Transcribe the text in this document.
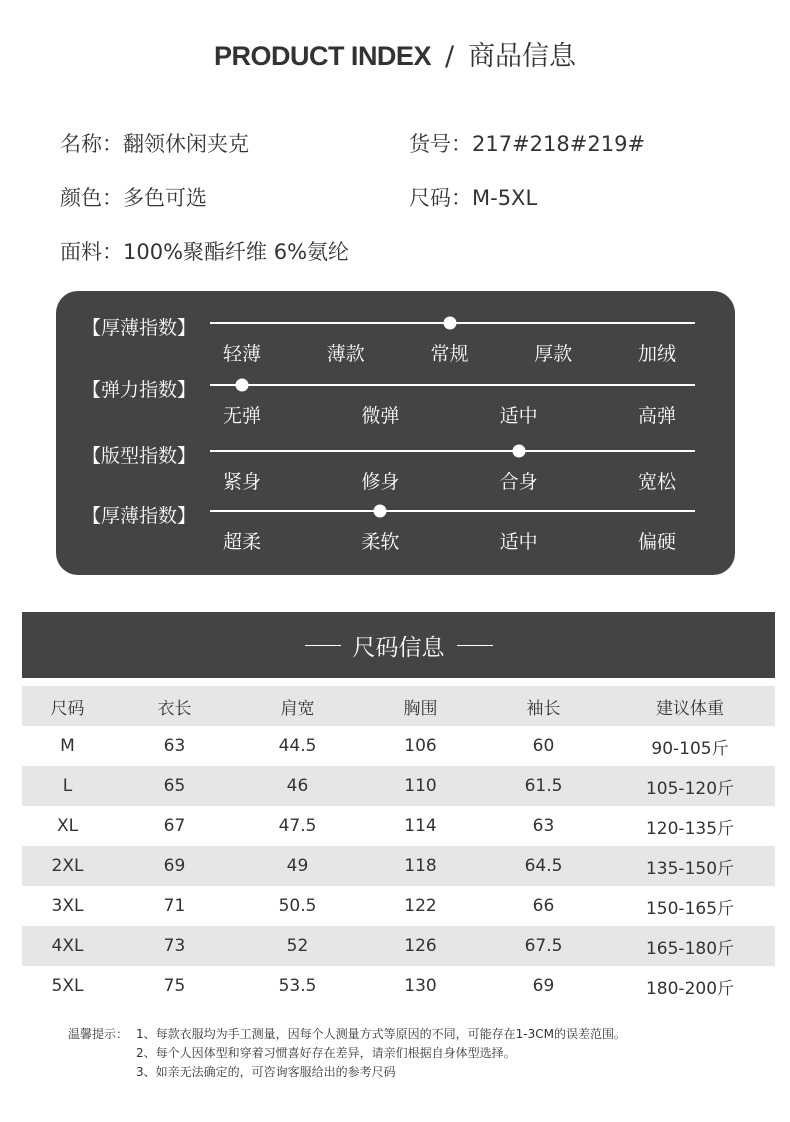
PRODUCT INDEX / 商品信息
名称：翻领休闲夹克	货号：217#218#219#
颜色：多色可选	尺码：M-5XL
面料：100%聚酯纤维 6%氨纶
【厚薄指数】
轻薄	薄款	常规	厚款	加绒
【弹力指数】
无弹	微弹	适中	高弹
【版型指数】
紧身	修身	合身	宽松
【厚薄指数】
超柔	柔软	适中	偏硬
尺码信息
尺码	衣长	肩宽	胸围	袖长	建议体重
M	63	44.5	106	60	90-105斤
L	65	46	110	61.5	105-120斤
XL	67	47.5	114	63	120-135斤
2XL	69	49	118	64.5	135-150斤
3XL	71	50.5	122	66	150-165斤
4XL	73	52	126	67.5	165-180斤
5XL	75	53.5	130	69	180-200斤
温馨提示： 1、每款衣服均为手工测量，因每个人测量方式等原因的不同，可能存在1-3CM的误差范围。
2、每个人因体型和穿着习惯喜好存在差异，请亲们根据自身体型选择。
3、如亲无法确定的，可咨询客服给出的参考尺码
